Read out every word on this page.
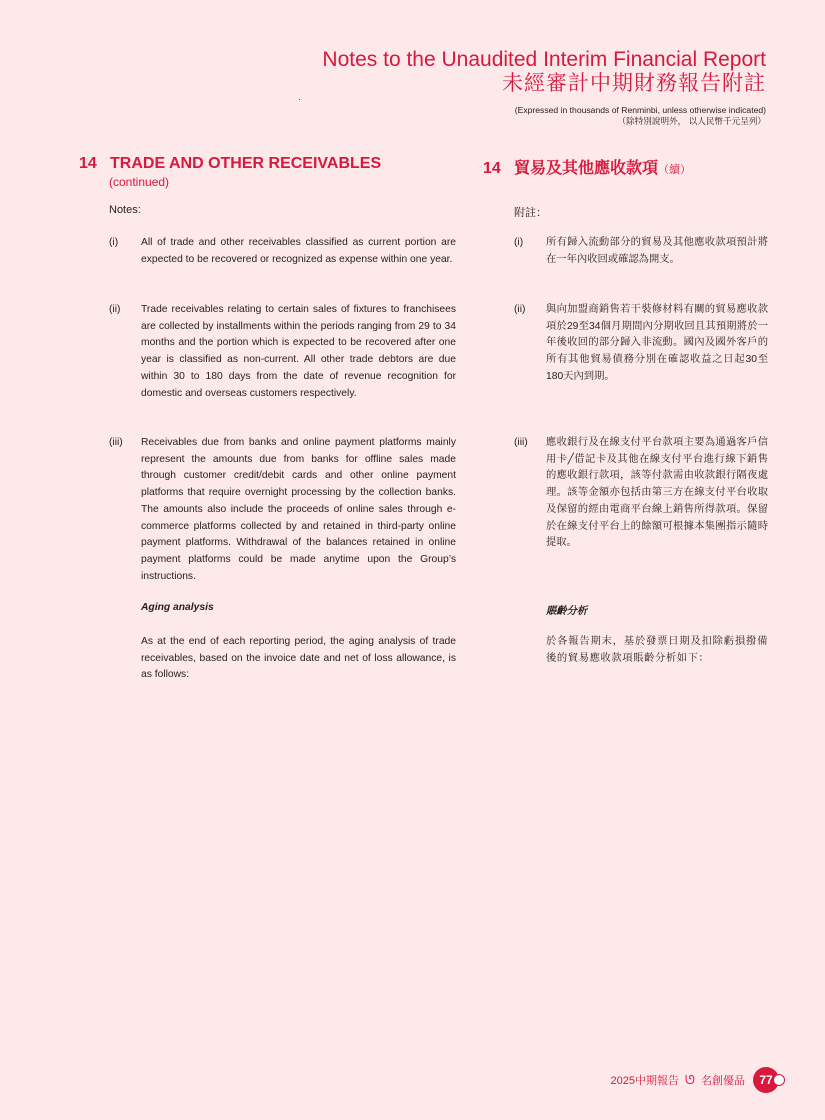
Notes to the Unaudited Interim Financial Report
未經審計中期財務報告附註
(Expressed in thousands of Renminbi, unless otherwise indicated)
（除特別說明外， 以人民幣千元呈列）
14 TRADE AND OTHER RECEIVABLES
(continued)
Notes:
(i)	All of trade and other receivables classified as current portion are expected to be recovered or recognized as expense within one year.
(ii)	Trade receivables relating to certain sales of fixtures to franchisees are collected by installments within the periods ranging from 29 to 34 months and the portion which is expected to be recovered after one year is classified as non-current. All other trade debtors are due within 30 to 180 days from the date of revenue recognition for domestic and overseas customers respectively.
(iii)	Receivables due from banks and online payment platforms mainly represent the amounts due from banks for offline sales made through customer credit/debit cards and other online payment platforms that require overnight processing by the collection banks. The amounts also include the proceeds of online sales through e-commerce platforms collected by and retained in third-party online payment platforms. Withdrawal of the balances retained in online payment platforms could be made anytime upon the Group’s instructions.
Aging analysis
As at the end of each reporting period, the aging analysis of trade receivables, based on the invoice date and net of loss allowance, is as follows:
14 貿易及其他應收款項 （續）
附註：
(i)	所有歸入流動部分的貿易及其他應收款項預計將在一年內收回或確認為開支。
(ii)	與向加盟商銷售若干裝修材料有關的貿易應收款項於29至34個月期間內分期收回且其預期將於一年後收回的部分歸入非流動。國內及國外客戶的所有其他貿易債務分別在確認收益之日起30至180天內到期。
(iii)	應收銀行及在線支付平台款項主要為通過客戶信用卡╱借記卡及其他在線支付平台進行線下銷售的應收銀行款項，該等付款需由收款銀行隔夜處理。該等金額亦包括由第三方在線支付平台收取及保留的經由電商平台線上銷售所得款項。保留於在線支付平台上的餘額可根據本集團指示隨時提取。
賬齡分析
於各報告期末，基於發票日期及扣除虧損撥備後的貿易應收款項賬齡分析如下：
2025中期報告 ᘎ 名創優品 77
